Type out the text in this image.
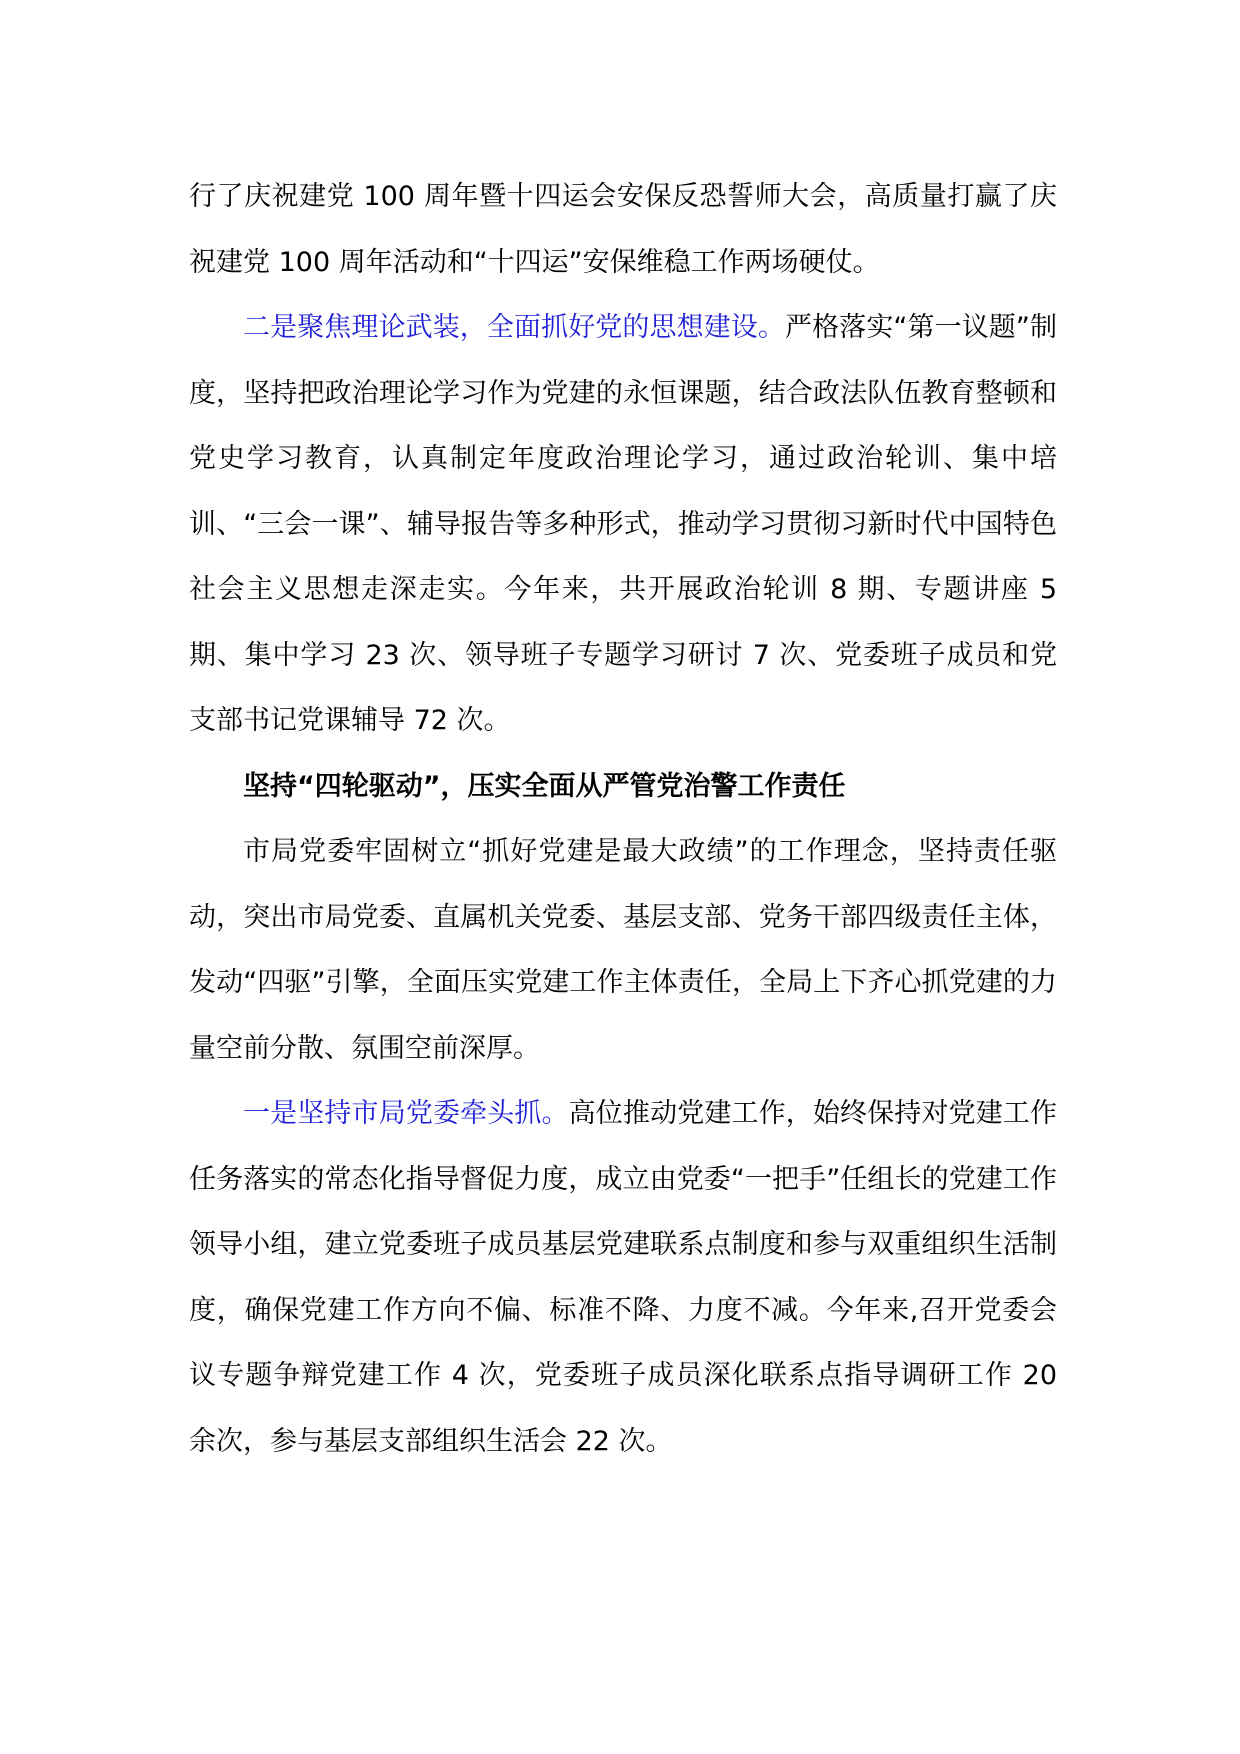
行了庆祝建党 100 周年暨十四运会安保反恐誓师大会，高质量打赢了庆祝建党 100 周年活动和“十四运”安保维稳工作两场硬仗。

二是聚焦理论武装，全面抓好党的思想建设。严格落实“第一议题”制度，坚持把政治理论学习作为党建的永恒课题，结合政法队伍教育整顿和党史学习教育，认真制定年度政治理论学习，通过政治轮训、集中培训、“三会一课”、辅导报告等多种形式，推动学习贯彻习新时代中国特色社会主义思想走深走实。今年来，共开展政治轮训 8 期、专题讲座 5 期、集中学习 23 次、领导班子专题学习研讨 7 次、党委班子成员和党支部书记党课辅导 72 次。

坚持“四轮驱动”，压实全面从严管党治警工作责任

市局党委牢固树立“抓好党建是最大政绩”的工作理念，坚持责任驱动，突出市局党委、直属机关党委、基层支部、党务干部四级责任主体，发动“四驱”引擎，全面压实党建工作主体责任，全局上下齐心抓党建的力量空前分散、氛围空前深厚。

一是坚持市局党委牵头抓。高位推动党建工作，始终保持对党建工作任务落实的常态化指导督促力度，成立由党委“一把手”任组长的党建工作领导小组，建立党委班子成员基层党建联系点制度和参与双重组织生活制度，确保党建工作方向不偏、标准不降、力度不减。今年来,召开党委会议专题争辩党建工作 4 次，党委班子成员深化联系点指导调研工作 20 余次，参与基层支部组织生活会 22 次。
